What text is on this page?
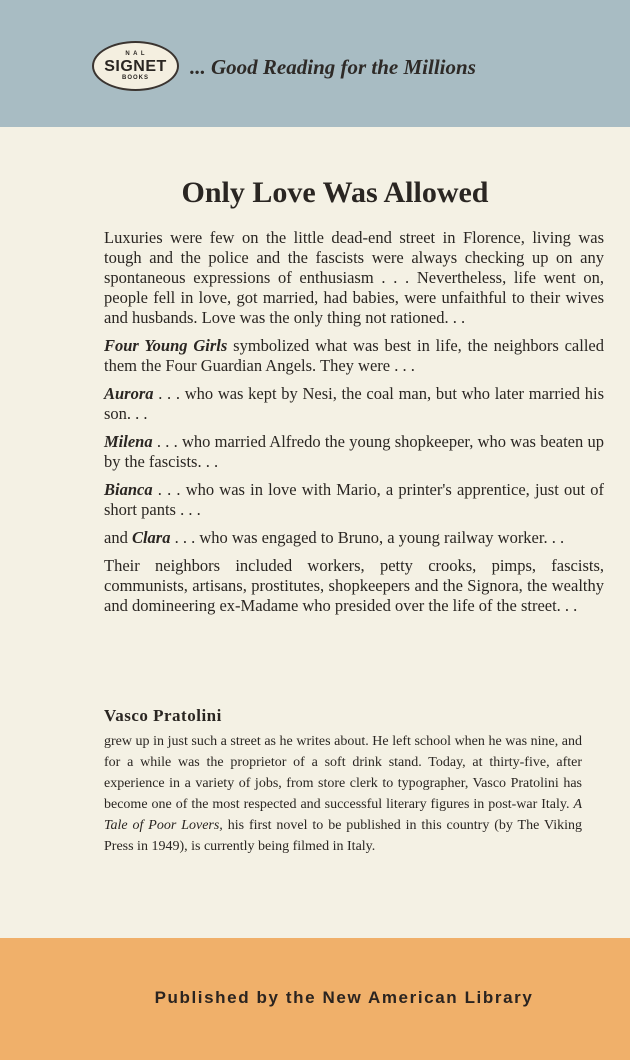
N A L
SIGNET
BOOKS ... Good Reading for the Millions
Only Love Was Allowed

Luxuries were few on the little dead-end street in Florence, living was tough and the police and the fascists were always checking up on any spontaneous expressions of enthusiasm . . . Nevertheless, life went on, people fell in love, got married, had babies, were unfaithful to their wives and husbands. Love was the only thing not rationed. . .

Four Young Girls symbolized what was best in life, the neighbors called them the Four Guardian Angels. They were . . .

Aurora . . . who was kept by Nesi, the coal man, but who later married his son. . .

Milena . . . who married Alfredo the young shopkeeper, who was beaten up by the fascists. . .

Bianca . . . who was in love with Mario, a printer's apprentice, just out of short pants . . .

and Clara . . . who was engaged to Bruno, a young railway worker. . .

Their neighbors included workers, petty crooks, pimps, fascists, communists, artisans, prostitutes, shopkeepers and the Signora, the wealthy and domineering ex-Madame who presided over the life of the street. . .

Vasco Pratolini
grew up in just such a street as he writes about. He left school when he was nine, and for a while was the proprietor of a soft drink stand. Today, at thirty-five, after experience in a variety of jobs, from store clerk to typographer, Vasco Pratolini has become one of the most respected and successful literary figures in post-war Italy. A Tale of Poor Lovers, his first novel to be published in this country (by The Viking Press in 1949), is currently being filmed in Italy.
Published by the New American Library
